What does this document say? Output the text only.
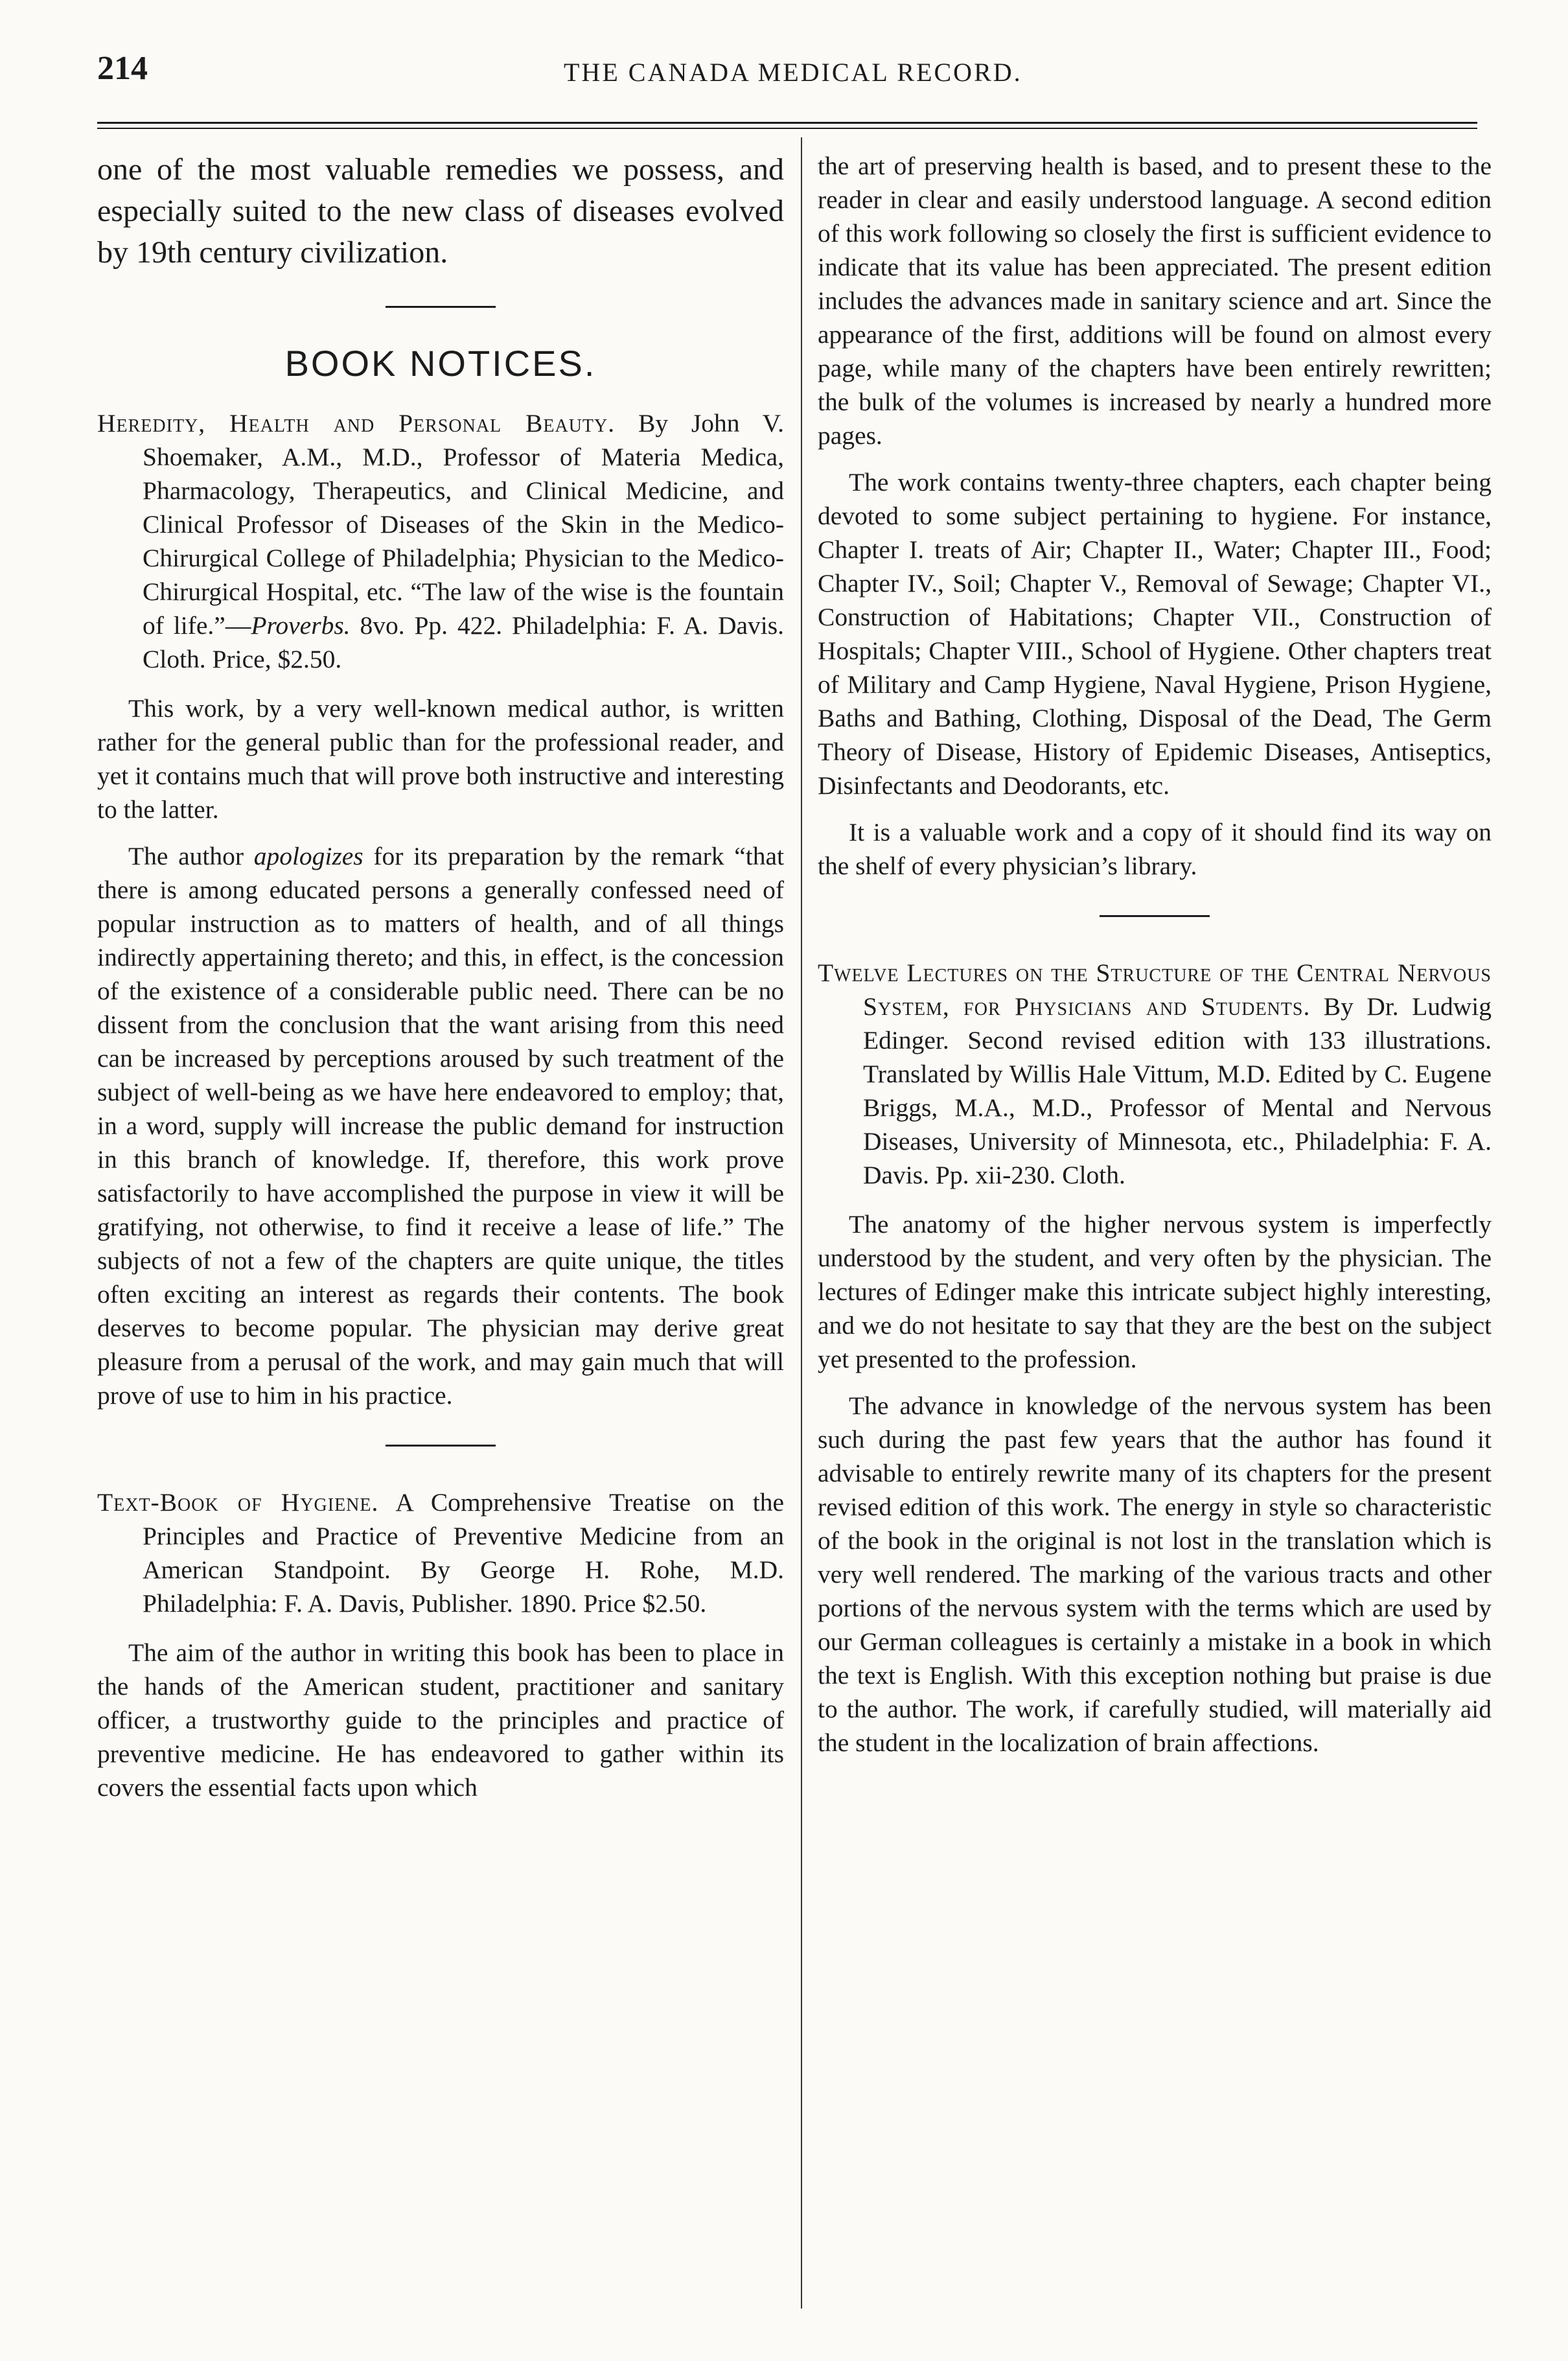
214	THE CANADA MEDICAL RECORD.

one of the most valuable remedies we possess, and especially suited to the new class of diseases evolved by 19th century civilization.

BOOK NOTICES.
Heredity, Health and Personal Beauty. By John V. Shoemaker, A.M., M.D., Professor of Materia Medica, Pharmacology, Therapeutics, and Clinical Medicine, and Clinical Professor of Diseases of the Skin in the Medico-Chirurgical College of Philadelphia; Physician to the Medico-Chirurgical Hospital, etc. “The law of the wise is the fountain of life.”—Proverbs. 8vo. Pp. 422. Philadelphia: F. A. Davis. Cloth. Price, $2.50.

This work, by a very well-known medical author, is written rather for the general public than for the professional reader, and yet it contains much that will prove both instructive and interesting to the latter.

The author apologizes for its preparation by the remark “that there is among educated persons a generally confessed need of popular instruction as to matters of health, and of all things indirectly appertaining thereto; and this, in effect, is the concession of the existence of a considerable public need. There can be no dissent from the conclusion that the want arising from this need can be increased by perceptions aroused by such treatment of the subject of well-being as we have here endeavored to employ; that, in a word, supply will increase the public demand for instruction in this branch of knowledge. If, therefore, this work prove satisfactorily to have accomplished the purpose in view it will be gratifying, not otherwise, to find it receive a lease of life.” The subjects of not a few of the chapters are quite unique, the titles often exciting an interest as regards their contents. The book deserves to become popular. The physician may derive great pleasure from a perusal of the work, and may gain much that will prove of use to him in his practice.

Text-Book of Hygiene. A Comprehensive Treatise on the Principles and Practice of Preventive Medicine from an American Standpoint. By George H. Rohe, M.D. Philadelphia: F. A. Davis, Publisher. 1890. Price $2.50.

The aim of the author in writing this book has been to place in the hands of the American student, practitioner and sanitary officer, a trustworthy guide to the principles and practice of preventive medicine. He has endeavored to gather within its covers the essential facts upon which

the art of preserving health is based, and to present these to the reader in clear and easily understood language. A second edition of this work following so closely the first is sufficient evidence to indicate that its value has been appreciated. The present edition includes the advances made in sanitary science and art. Since the appearance of the first, additions will be found on almost every page, while many of the chapters have been entirely rewritten; the bulk of the volumes is increased by nearly a hundred more pages.

The work contains twenty-three chapters, each chapter being devoted to some subject pertaining to hygiene. For instance, Chapter I. treats of Air; Chapter II., Water; Chapter III., Food; Chapter IV., Soil; Chapter V., Removal of Sewage; Chapter VI., Construction of Habitations; Chapter VII., Construction of Hospitals; Chapter VIII., School of Hygiene. Other chapters treat of Military and Camp Hygiene, Naval Hygiene, Prison Hygiene, Baths and Bathing, Clothing, Disposal of the Dead, The Germ Theory of Disease, History of Epidemic Diseases, Antiseptics, Disinfectants and Deodorants, etc.

It is a valuable work and a copy of it should find its way on the shelf of every physician’s library.

Twelve Lectures on the Structure of the Central Nervous System, for Physicians and Students. By Dr. Ludwig Edinger. Second revised edition with 133 illustrations. Translated by Willis Hale Vittum, M.D. Edited by C. Eugene Briggs, M.A., M.D., Professor of Mental and Nervous Diseases, University of Minnesota, etc., Philadelphia: F. A. Davis. Pp. xii-230. Cloth.

The anatomy of the higher nervous system is imperfectly understood by the student, and very often by the physician. The lectures of Edinger make this intricate subject highly interesting, and we do not hesitate to say that they are the best on the subject yet presented to the profession.

The advance in knowledge of the nervous system has been such during the past few years that the author has found it advisable to entirely rewrite many of its chapters for the present revised edition of this work. The energy in style so characteristic of the book in the original is not lost in the translation which is very well rendered. The marking of the various tracts and other portions of the nervous system with the terms which are used by our German colleagues is certainly a mistake in a book in which the text is English. With this exception nothing but praise is due to the author. The work, if carefully studied, will materially aid the student in the localization of brain affections.
